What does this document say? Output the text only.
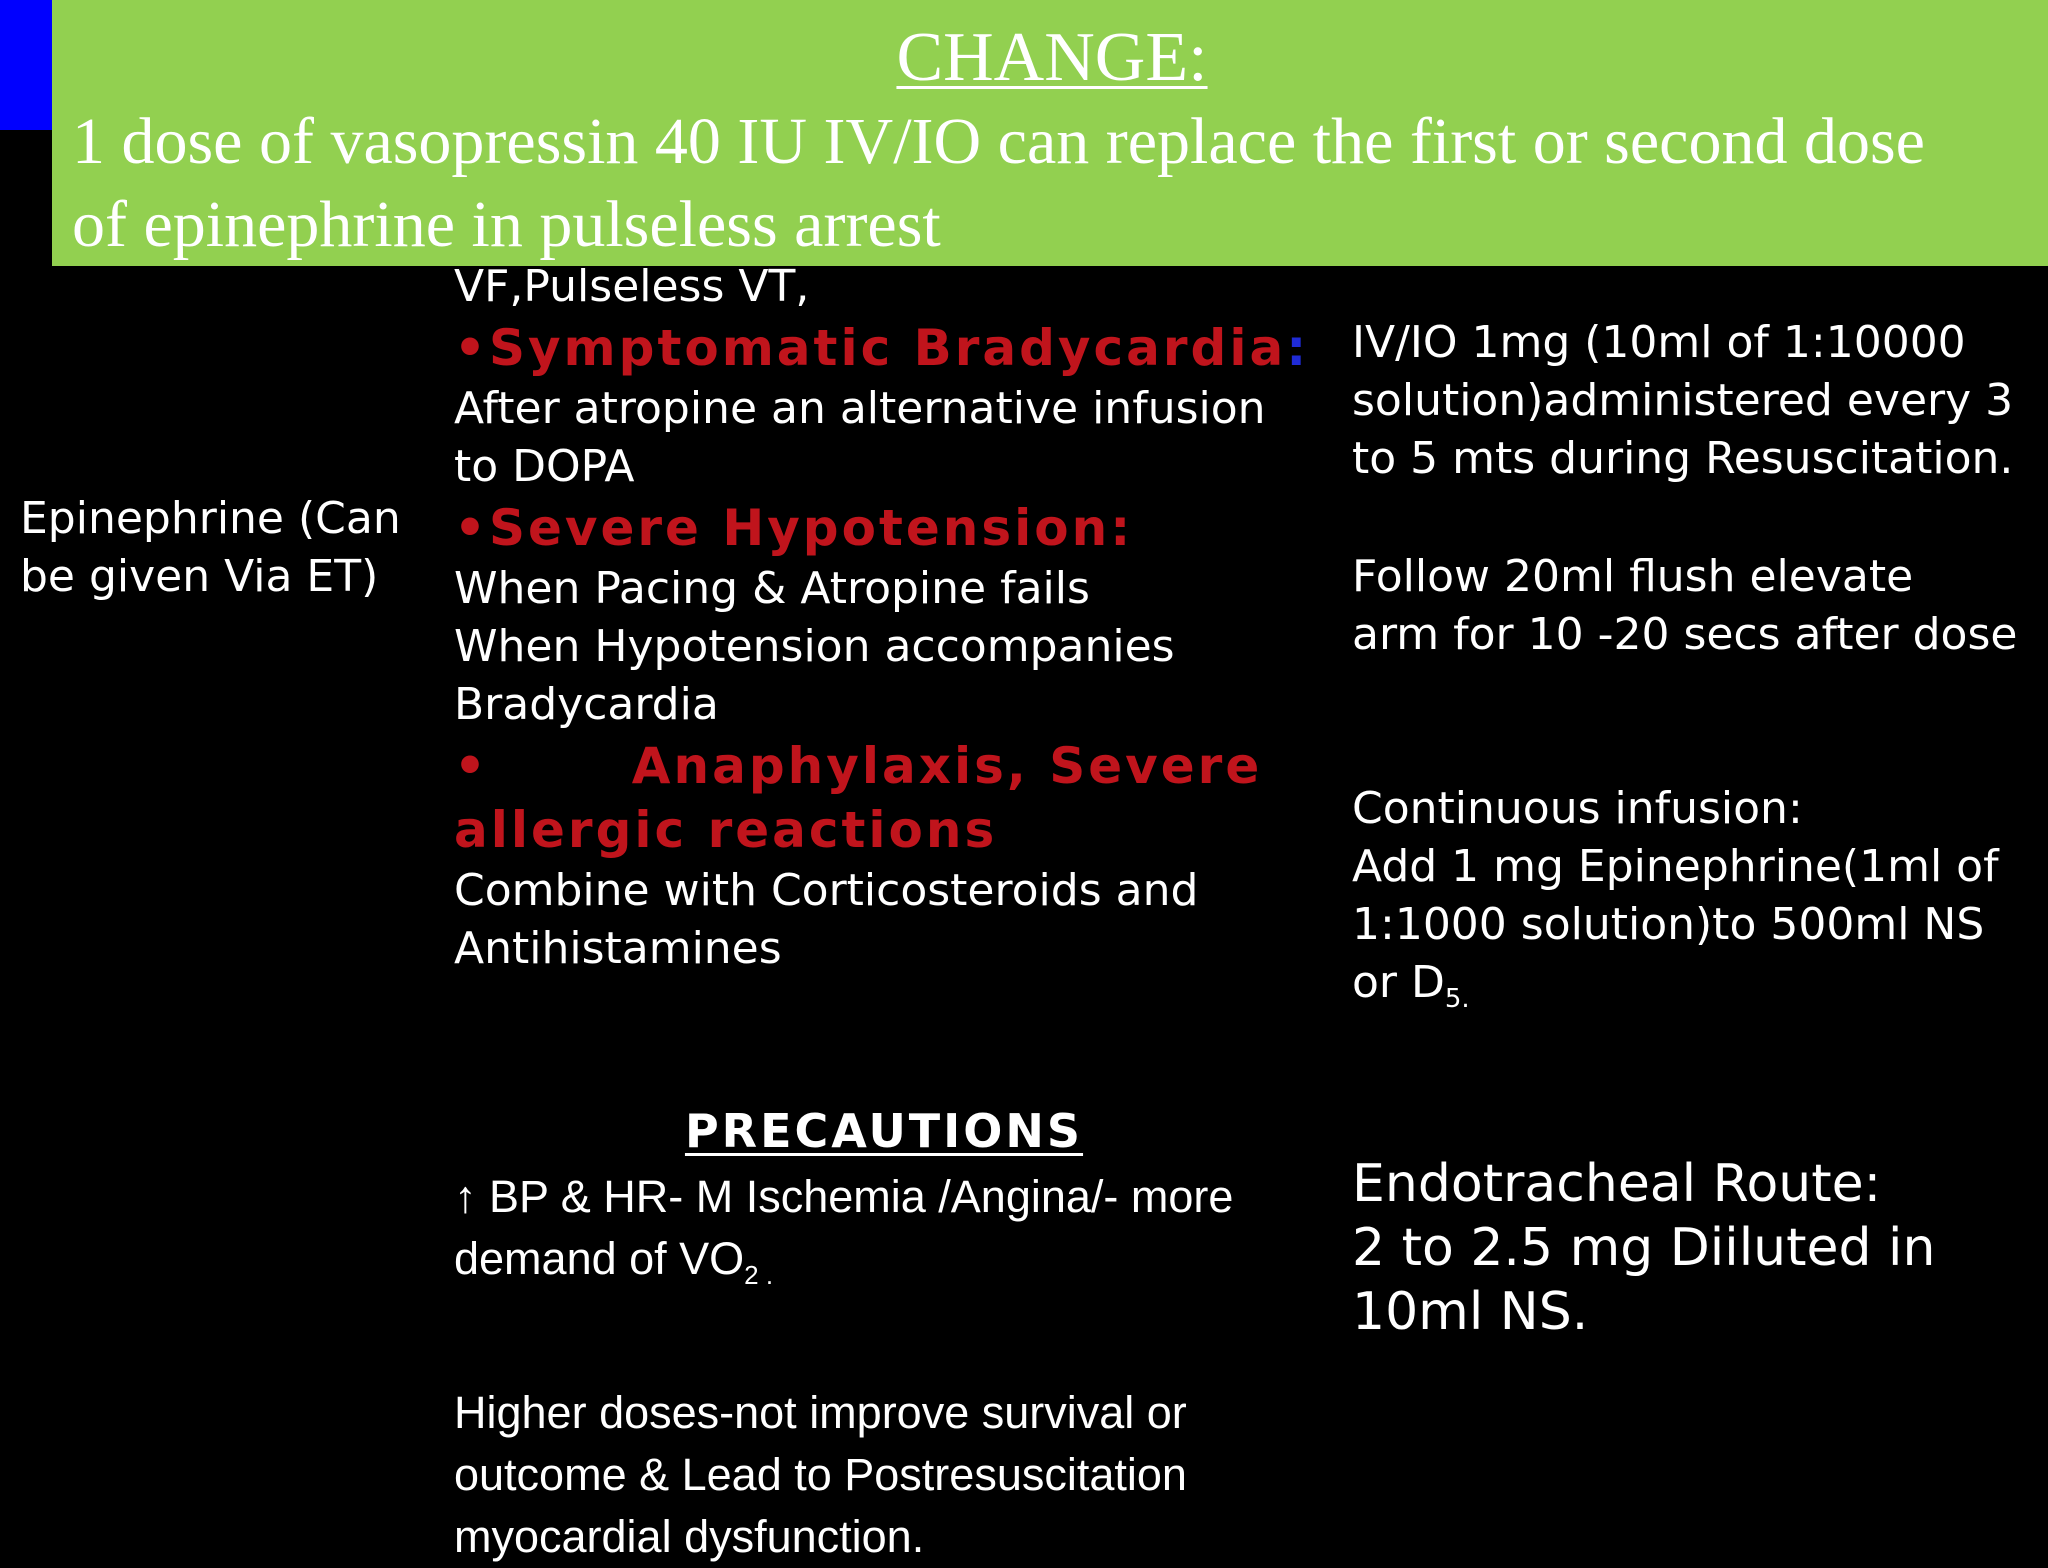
CHANGE:
1 dose of vasopressin 40 IU IV/IO can replace the first or second dose
of epinephrine in pulseless arrest
Epinephrine (Can
be given Via ET)
VF,Pulseless VT,
•Symptomatic Bradycardia:
After atropine an alternative infusion
to DOPA
•Severe Hypotension:
When Pacing & Atropine fails
When Hypotension accompanies
Bradycardia
•       Anaphylaxis, Severe
allergic reactions
Combine with Corticosteroids and
Antihistamines
PRECAUTIONS
↑ BP & HR- M Ischemia /Angina/- more
demand of $VO_{2 .}$
Higher doses-not improve survival or
outcome & Lead to Postresuscitation
myocardial dysfunction.
IV/IO 1mg (10ml of 1:10000
solution)administered every 3
to 5 mts during Resuscitation.
Follow 20ml flush elevate
arm for 10 -20 secs after dose
Continuous infusion:
Add 1 mg Epinephrine(1ml of
1:1000 solution)to 500ml NS
or $D_{5.}$
Endotracheal Route:
2 to 2.5 mg Diiluted in
10ml NS.
